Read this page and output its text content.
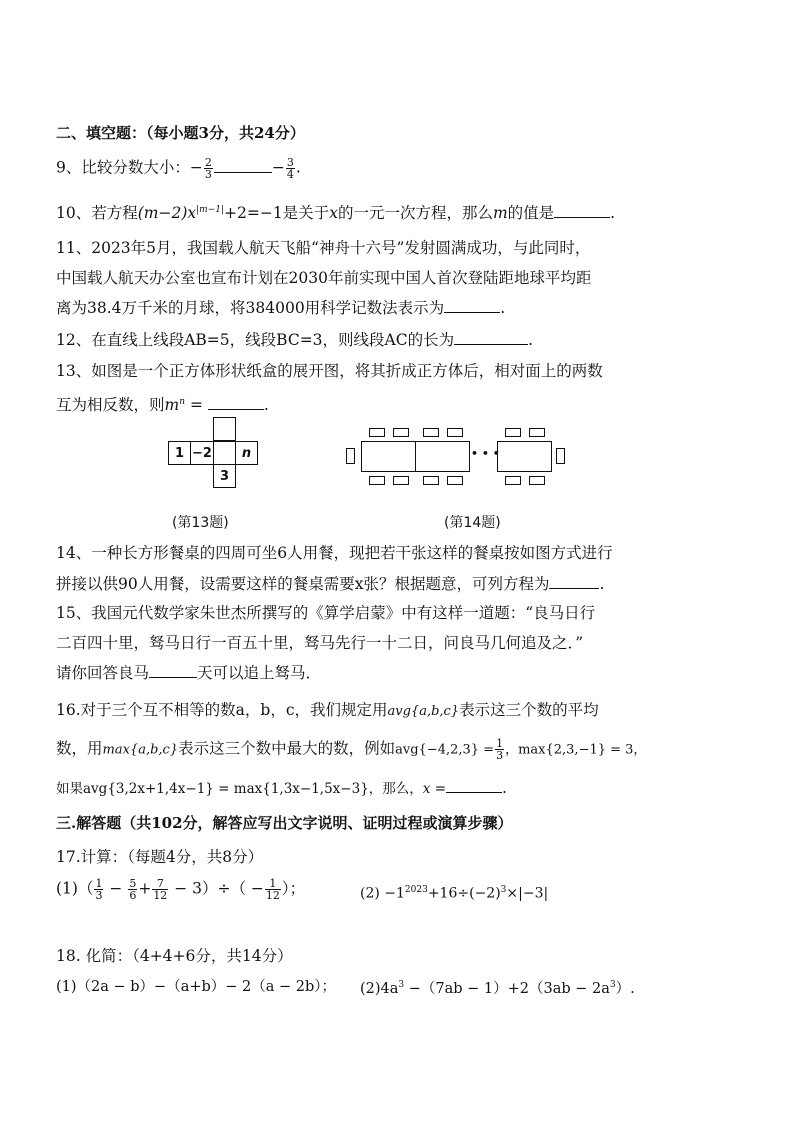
二、填空题：（每小题3分，共24分）
9、比较分数大小：− $\frac{2}{3}$	− $\frac{3}{4}$ .
10、若方程$(m-2)x^{|m-1|}+2=-1$是关于x的一元一次方程，那么m的值是	.
11、2023年5月，我国载人航天飞船“神舟十六号”发射圆满成功，与此同时，
中国载人航天办公室也宣布计划在2030年前实现中国人首次登陆距地球平均距
离为38.4万千米的月球，将384000用科学记数法表示为	.
12、在直线上线段AB=5，线段BC=3，则线段AC的长为	.
13、如图是一个正方体形状纸盒的展开图，将其折成正方体后，相对面上的两数
互为相反数，则$m^n$ =	.
1 −2	n
3
• • •
(第13题)	(第14题)
14、一种长方形餐桌的四周可坐6人用餐，现把若干张这样的餐桌按如图方式进行
拼接以供90人用餐，设需要这样的餐桌需要x张？根据题意，可列方程为	.
15、我国元代数学家朱世杰所撰写的《算学启蒙》中有这样一道题：“良马日行
二百四十里，驽马日行一百五十里，驽马先行一十二日，问良马几何追及之．”
请你回答良马	天可以追上驽马．
16.对于三个互不相等的数a，b，c，我们规定用avg{a,b,c}表示这三个数的平均
数，用max{a,b,c}表示这三个数中最大的数，例如$avg\{-4,2,3\} = \frac{1}{3}$ ，max{2,3,−1} = 3，
如果avg{3,2x+1,4x−1} = max{1,3x−1,5x−3}，那么，x =	.
三.解答题（共102分，解答应写出文字说明、证明过程或演算步骤）
17.计算：（每题4分，共8分）
$(1)( \frac{1}{3} - \frac{5}{6} + \frac{7}{12} - 3)\div( - \frac{1}{12}$ ）；	$(2) -1^{2023}+16\div(-2)^3\times|-3|$
18. 化简：（4+4+6分，共14分）
(1)（2a − b）−（a+b）− 2（a − 2b）； $(2)4a^3 -(7ab - 1)+2(3ab - 2a^3)$.
